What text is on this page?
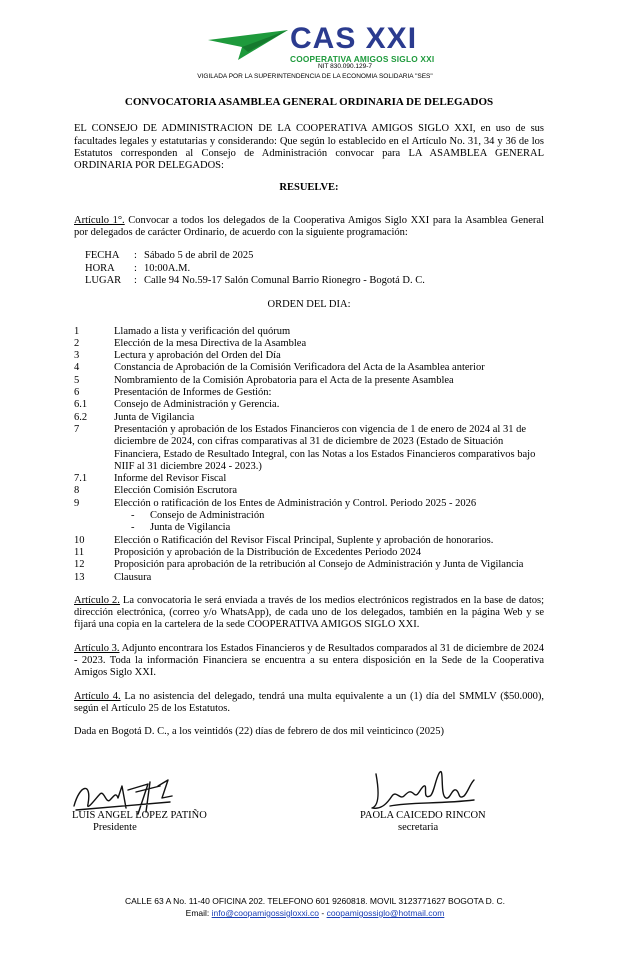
CAS XXI
COOPERATIVA AMIGOS SIGLO XXI
NIT 830.090.129-7
VIGILADA POR LA SUPERINTENDENCIA DE LA ECONOMIA SOLIDARIA "SES"
CONVOCATORIA ASAMBLEA GENERAL ORDINARIA DE DELEGADOS

EL CONSEJO DE ADMINISTRACION DE LA COOPERATIVA AMIGOS SIGLO XXI, en uso de sus facultades legales y estatutarias y considerando: Que según lo establecido en el Artículo No. 31, 34 y 36 de los Estatutos corresponden al Consejo de Administración convocar para LA ASAMBLEA GENERAL ORDINARIA POR DELEGADOS:

RESUELVE:

Artículo 1°. Convocar a todos los delegados de la Cooperativa Amigos Siglo XXI para la Asamblea General por delegados de carácter Ordinario, de acuerdo con la siguiente programación:

FECHA	: Sábado 5 de abril de 2025
HORA	: 10:00A.M.
LUGAR	: Calle 94 No.59-17 Salón Comunal Barrio Rionegro - Bogotá D. C.
ORDEN DEL DIA:
1	Llamado a lista y verificación del quórum
2	Elección de la mesa Directiva de la Asamblea
3	Lectura y aprobación del Orden del Día
4	Constancia de Aprobación de la Comisión Verificadora del Acta de la Asamblea anterior
5	Nombramiento de la Comisión Aprobatoria para el Acta de la presente Asamblea
6	Presentación de Informes de Gestión:
6.1	Consejo de Administración y Gerencia.
6.2	Junta de Vigilancia
7	Presentación y aprobación de los Estados Financieros con vigencia de 1 de enero de 2024 al 31 de diciembre de 2024, con cifras comparativas al 31 de diciembre de 2023 (Estado de Situación Financiera, Estado de Resultado Integral, con las Notas a los Estados Financieros comparativos bajo NIIF al 31 diciembre 2024 - 2023.)
7.1	Informe del Revisor Fiscal
8	Elección Comisión Escrutora
9	Elección o ratificación de los Entes de Administración y Control. Periodo 2025 - 2026
-	Consejo de Administración
-	Junta de Vigilancia
10	Elección o Ratificación del Revisor Fiscal Principal, Suplente y aprobación de honorarios.
11	Proposición y aprobación de la Distribución de Excedentes Periodo 2024
12	Proposición para aprobación de la retribución al Consejo de Administración y Junta de Vigilancia
13	Clausura

Artículo 2. La convocatoria le será enviada a través de los medios electrónicos registrados en la base de datos; dirección electrónica, (correo y/o WhatsApp), de cada uno de los delegados, también en la página Web y se fijará una copia en la cartelera de la sede COOPERATIVA AMIGOS SIGLO XXI.

Artículo 3. Adjunto encontrara los Estados Financieros y de Resultados comparados al 31 de diciembre de 2024 - 2023. Toda la información Financiera se encuentra a su entera disposición en la Sede de la Cooperativa Amigos Siglo XXI.

Artículo 4. La no asistencia del delegado, tendrá una multa equivalente a un (1) día del SMMLV ($50.000), según el Artículo 25 de los Estatutos.

Dada en Bogotá D. C., a los veintidós (22) días de febrero de dos mil veinticinco (2025)

LUIS ANGEL LOPEZ PATIÑO
Presidente
PAOLA CAICEDO RINCON
secretaria
CALLE 63 A No. 11-40 OFICINA 202. TELEFONO 601 9260818. MOVIL 3123771627 BOGOTA D. C.
Email: info@coopamigossigloxxi.co - coopamigossiglo@hotmail.com
